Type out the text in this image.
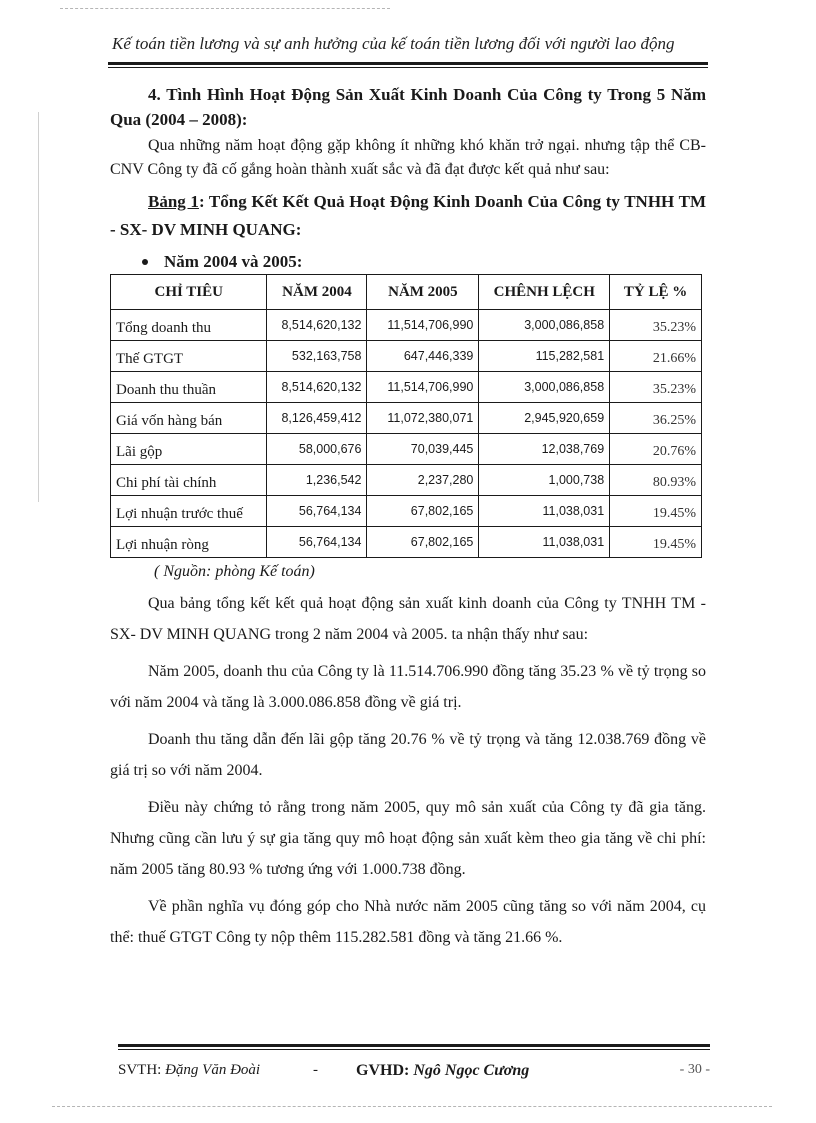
Kế toán tiền lương và sự anh hưởng của kế toán tiền lương đối với người lao động

4. Tình Hình Hoạt Động Sản Xuất Kinh Doanh Của Công ty Trong 5 Năm Qua (2004 – 2008):

Qua những năm hoạt động gặp không ít những khó khăn trở ngại. nhưng tập thể CB-CNV Công ty đã cố gắng hoàn thành xuất sắc và đã đạt được kết quả như sau:

Bảng 1: Tổng Kết Kết Quả Hoạt Động Kinh Doanh Của Công ty TNHH TM - SX- DV MINH QUANG:

Năm 2004 và 2005:
CHỈ TIÊU	NĂM 2004	NĂM 2005	CHÊNH LỆCH	TỶ LỆ %
Tổng doanh thu	8,514,620,132	11,514,706,990	3,000,086,858	35.23%
Thế GTGT	532,163,758	647,446,339	115,282,581	21.66%
Doanh thu thuần	8,514,620,132	11,514,706,990	3,000,086,858	35.23%
Giá vốn hàng bán	8,126,459,412	11,072,380,071	2,945,920,659	36.25%
Lãi gộp	58,000,676	70,039,445	12,038,769	20.76%
Chi phí tài chính	1,236,542	2,237,280	1,000,738	80.93%
Lợi nhuận trước thuế	56,764,134	67,802,165	11,038,031	19.45%
Lợi nhuận ròng	56,764,134	67,802,165	11,038,031	19.45%

( Nguồn: phòng Kế toán)

Qua bảng tổng kết kết quả hoạt động sản xuất kinh doanh của Công ty TNHH TM - SX- DV MINH QUANG trong 2 năm 2004 và 2005. ta nhận thấy như sau:

Năm 2005, doanh thu của Công ty là 11.514.706.990 đồng tăng 35.23 % về tỷ trọng so với năm 2004 và tăng là 3.000.086.858 đồng về giá trị.

Doanh thu tăng dẫn đến lãi gộp tăng 20.76 % về tỷ trọng và tăng 12.038.769 đồng về giá trị so với năm 2004.

Điều này chứng tỏ rằng trong năm 2005, quy mô sản xuất của Công ty đã gia tăng. Nhưng cũng cần lưu ý sự gia tăng quy mô hoạt động sản xuất kèm theo gia tăng về chi phí: năm 2005 tăng 80.93 % tương ứng với 1.000.738 đồng.

Về phần nghĩa vụ đóng góp cho Nhà nước năm 2005 cũng tăng so với năm 2004, cụ thể: thuế GTGT Công ty nộp thêm 115.282.581 đồng và tăng 21.66 %.

SVTH: Đặng Văn Đoài	- GVHD: Ngô Ngọc Cương	- 30 -
